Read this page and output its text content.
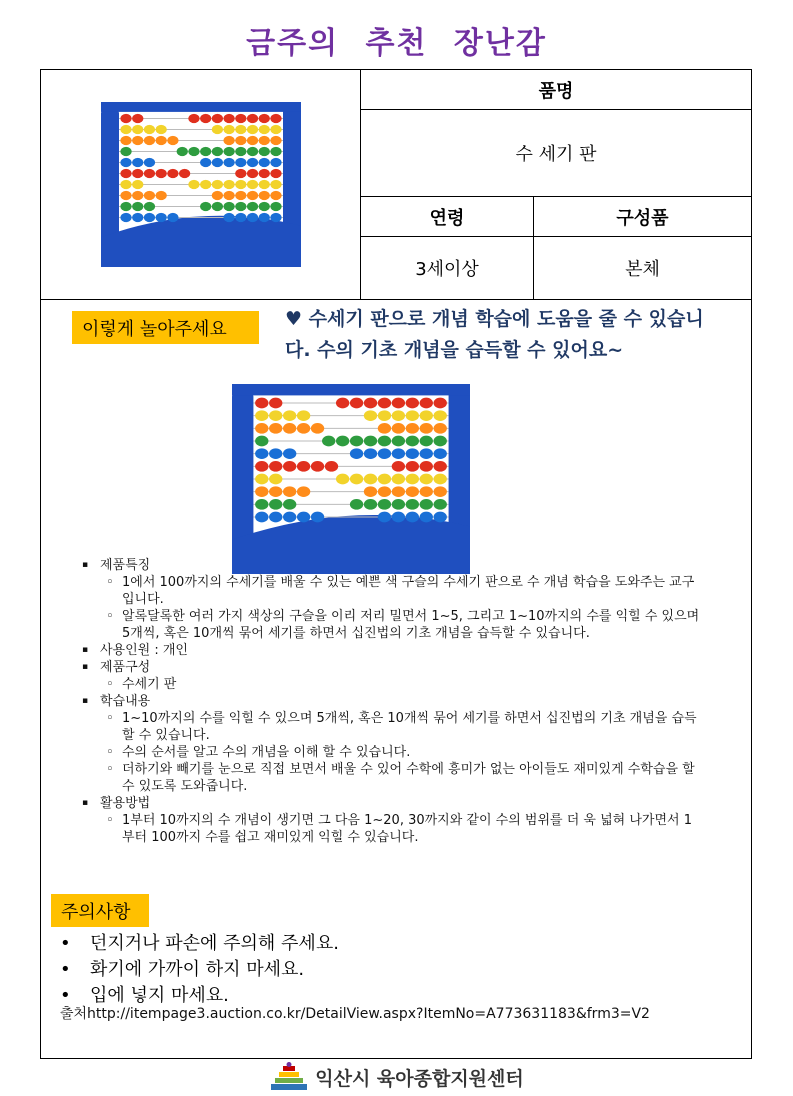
금주의 추천 장난감
품명
수 세기 판
연령	구성품
3세이상	본체
이렇게 놀아주세요	♥ 수세기 판으로 개념 학습에 도움을 줄 수 있습니다. 수의 기초 개념을 습득할 수 있어요~
▪ 제품특징
◦ 1에서 100까지의 수세기를 배울 수 있는 예쁜 색 구슬의 수세기 판으로 수 개념 학습을 도와주는 교구입니다.
◦ 알록달록한 여러 가지 색상의 구슬을 이리 저리 밀면서 1~5, 그리고 1~10까지의 수를 익힐 수 있으며 5개씩, 혹은 10개씩 묶어 세기를 하면서 십진법의 기초 개념을 습득할 수 있습니다.
▪ 사용인원 : 개인
▪ 제품구성
◦ 수세기 판
▪ 학습내용
◦ 1~10까지의 수를 익힐 수 있으며 5개씩, 혹은 10개씩 묶어 세기를 하면서 십진법의 기초 개념을 습득할 수 있습니다.
◦ 수의 순서를 알고 수의 개념을 이해 할 수 있습니다.
◦ 더하기와 빼기를 눈으로 직접 보면서 배울 수 있어 수학에 흥미가 없는 아이들도 재미있게 수학습을 할 수 있도록 도와줍니다.
▪ 활용방법
◦ 1부터 10까지의 수 개념이 생기면 그 다음 1~20, 30까지와 같이 수의 범위를 더 욱 넓혀 나가면서 1부터 100까지 수를 쉽고 재미있게 익힐 수 있습니다.
주의사항
• 던지거나 파손에 주의해 주세요.
• 화기에 가까이 하지 마세요.
• 입에 넣지 마세요.
출처http://itempage3.auction.co.kr/DetailView.aspx?ItemNo=A773631183&frm3=V2
익산시 육아종합지원센터
